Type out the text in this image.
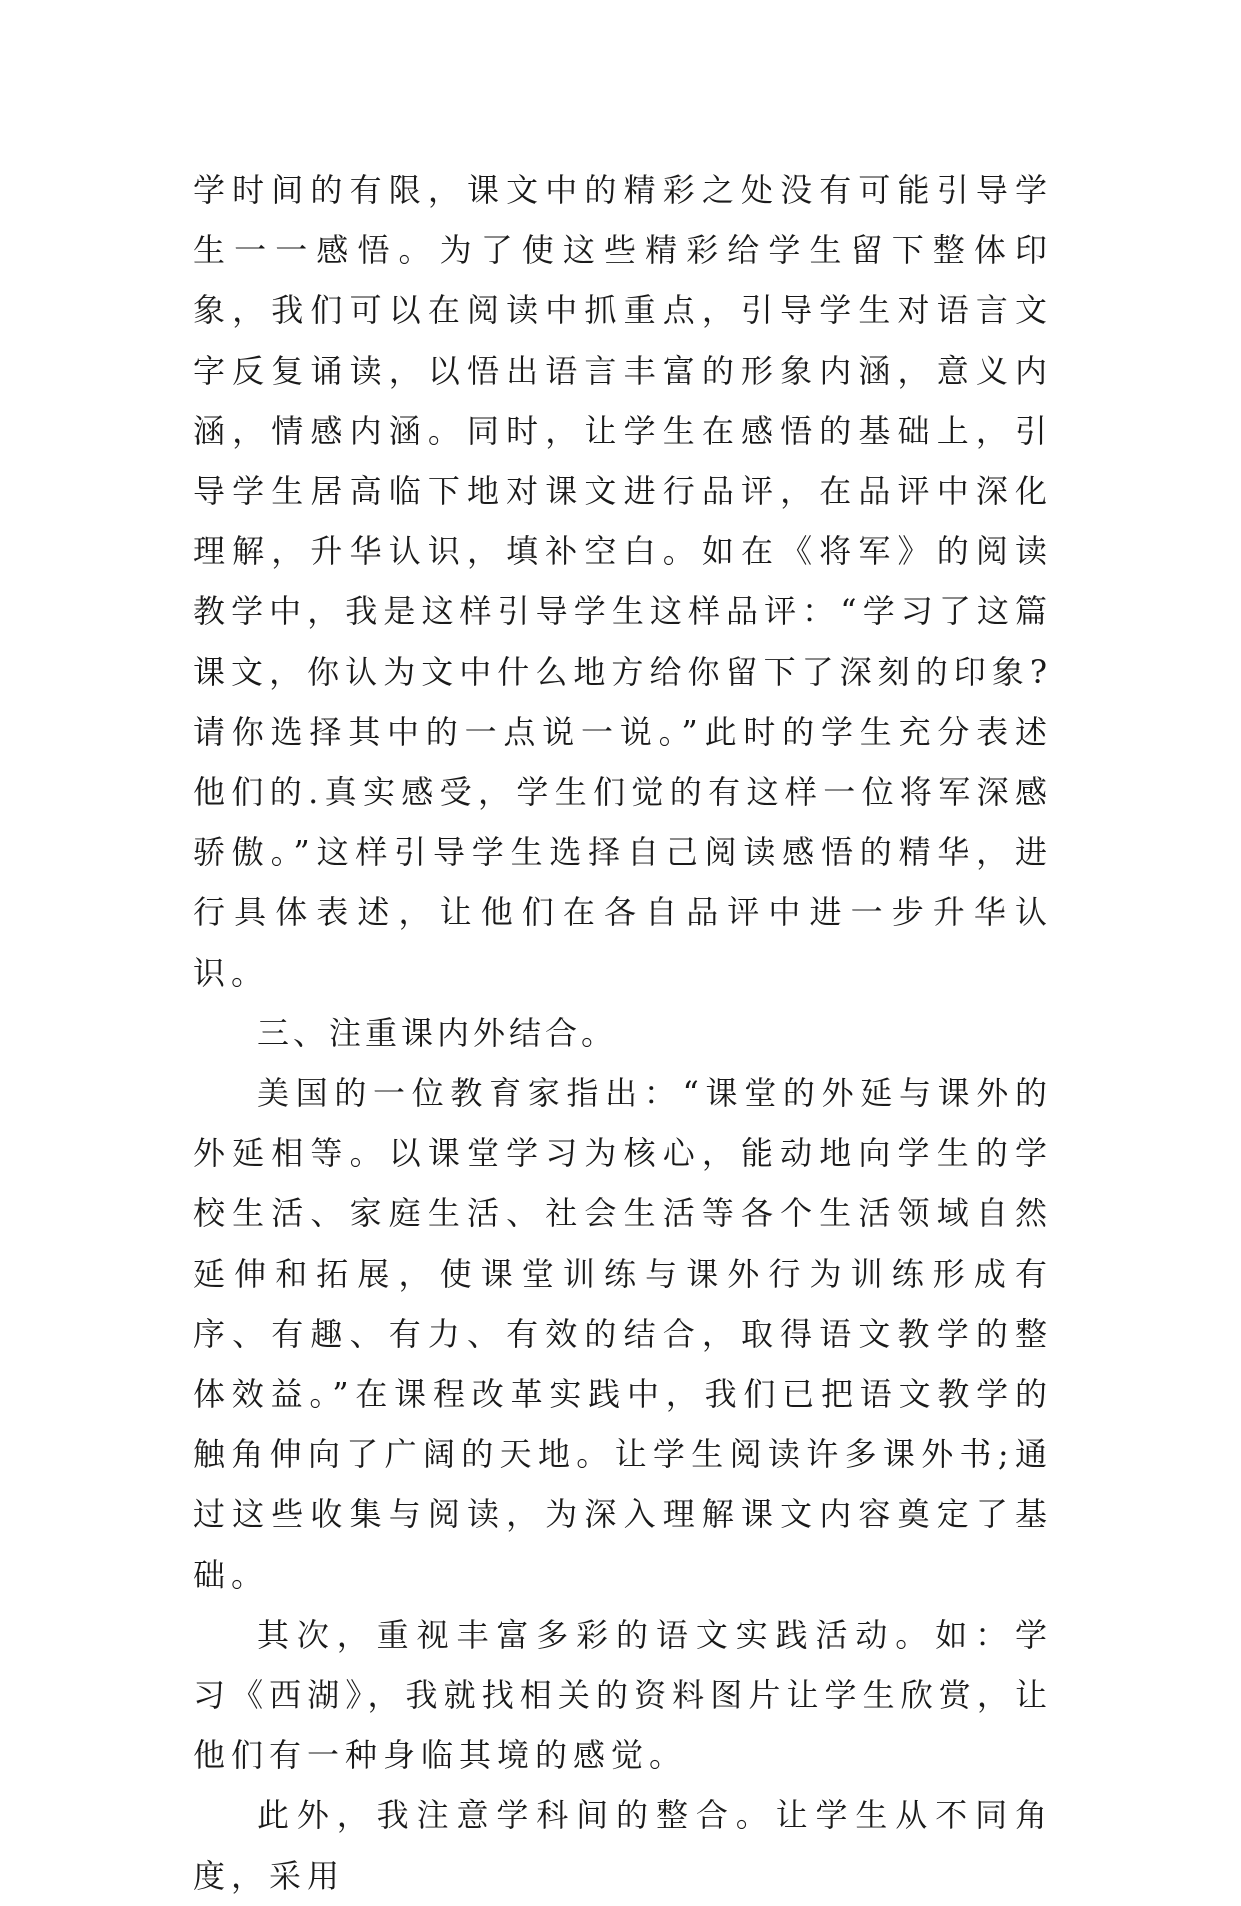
学时间的有限，课文中的精彩之处没有可能引导学生一一感悟。为了使这些精彩给学生留下整体印象，我们可以在阅读中抓重点，引导学生对语言文字反复诵读，以悟出语言丰富的形象内涵，意义内涵，情感内涵。同时，让学生在感悟的基础上，引导学生居高临下地对课文进行品评，在品评中深化理解，升华认识，填补空白。如在《将军》的阅读教学中，我是这样引导学生这样品评：“学习了这篇课文，你认为文中什么地方给你留下了深刻的印象?请你选择其中的一点说一说。”此时的学生充分表述他们的.真实感受，学生们觉的有这样一位将军深感骄傲。”这样引导学生选择自己阅读感悟的精华，进行具体表述，让他们在各自品评中进一步升华认识。

三、注重课内外结合。

美国的一位教育家指出：“课堂的外延与课外的外延相等。以课堂学习为核心，能动地向学生的学校生活、家庭生活、社会生活等各个生活领域自然延伸和拓展，使课堂训练与课外行为训练形成有序、有趣、有力、有效的结合，取得语文教学的整体效益。”在课程改革实践中，我们已把语文教学的触角伸向了广阔的天地。让学生阅读许多课外书;通过这些收集与阅读，为深入理解课文内容奠定了基础。

其次，重视丰富多彩的语文实践活动。如：学习《西湖》，我就找相关的资料图片让学生欣赏，让他们有一种身临其境的感觉。

此外，我注意学科间的整合。让学生从不同角度，采用
